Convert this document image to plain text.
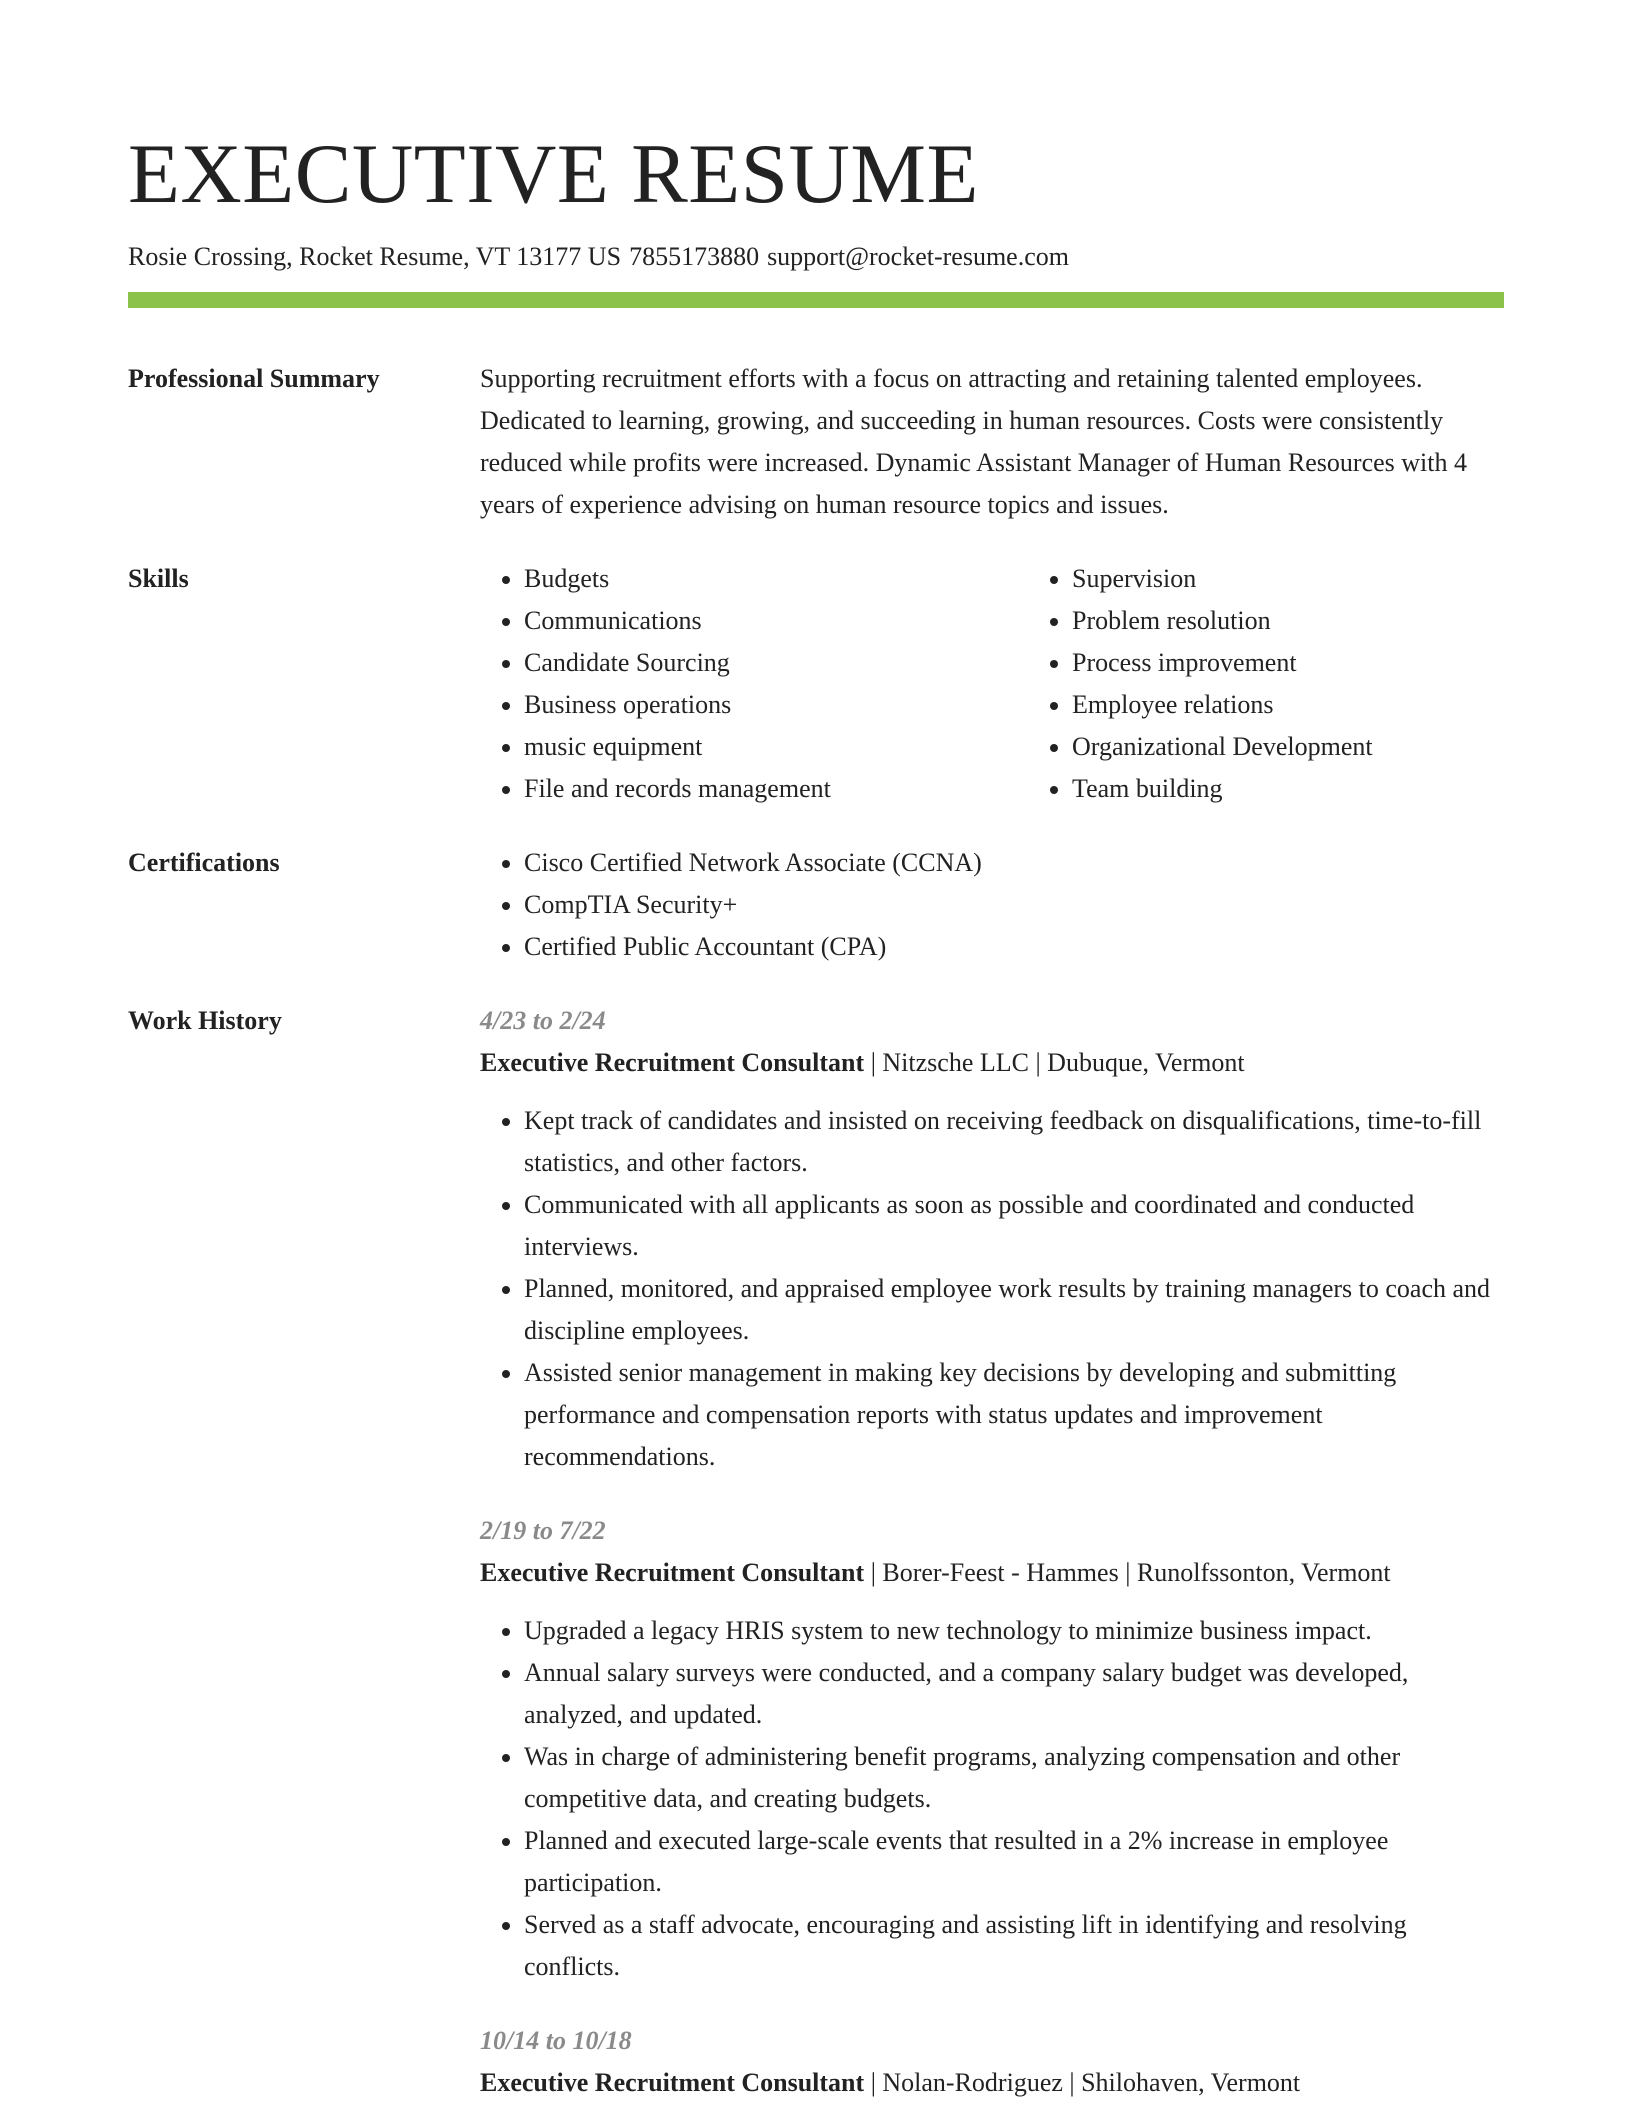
EXECUTIVE RESUME
Rosie Crossing, Rocket Resume, VT 13177 US 7855173880 support@rocket-resume.com
Professional Summary	Supporting recruitment efforts with a focus on attracting and retaining talented employees. Dedicated to learning, growing, and succeeding in human resources. Costs were consistently reduced while profits were increased. Dynamic Assistant Manager of Human Resources with 4 years of experience advising on human resource topics and issues.

Skills	• Budgets
• Communications
• Candidate Sourcing
• Business operations
• music equipment
• File and records management
• Supervision
• Problem resolution
• Process improvement
• Employee relations
• Organizational Development
• Team building
Certifications	• Cisco Certified Network Associate (CCNA)
• CompTIA Security+
• Certified Public Accountant (CPA)
Work History	4/23 to 2/24
Executive Recruitment Consultant | Nitzsche LLC | Dubuque, Vermont
• Kept track of candidates and insisted on receiving feedback on disqualifications, time-to-fill statistics, and other factors.
• Communicated with all applicants as soon as possible and coordinated and conducted interviews.
• Planned, monitored, and appraised employee work results by training managers to coach and discipline employees.
• Assisted senior management in making key decisions by developing and submitting performance and compensation reports with status updates and improvement recommendations.
2/19 to 7/22
Executive Recruitment Consultant | Borer-Feest - Hammes | Runolfssonton, Vermont
• Upgraded a legacy HRIS system to new technology to minimize business impact.
• Annual salary surveys were conducted, and a company salary budget was developed, analyzed, and updated.
• Was in charge of administering benefit programs, analyzing compensation and other competitive data, and creating budgets.
• Planned and executed large-scale events that resulted in a 2% increase in employee participation.
• Served as a staff advocate, encouraging and assisting lift in identifying and resolving conflicts.
10/14 to 10/18
Executive Recruitment Consultant | Nolan-Rodriguez | Shilohaven, Vermont
